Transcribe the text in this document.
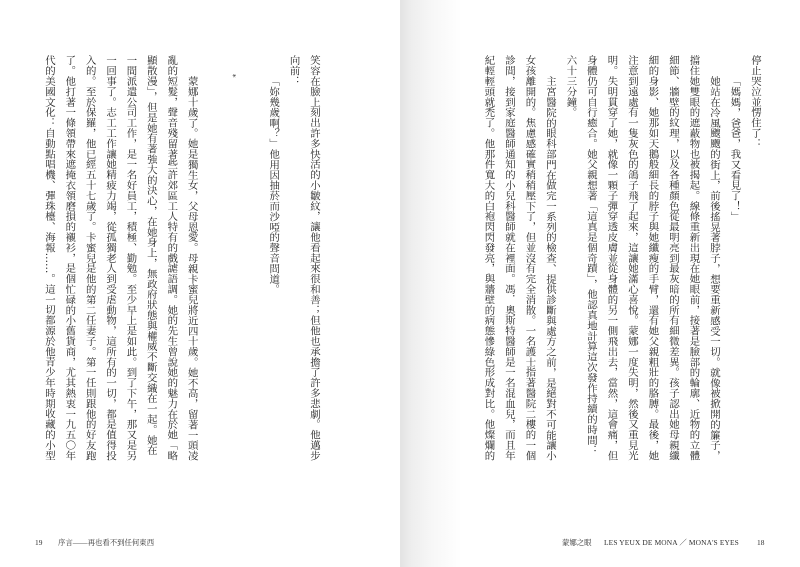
笑容在臉上刻出許多快活的小皺紋，讓他看起來很和善；但他也承擔了許多悲劇。他邁步
向前：
「妳幾歲啊？」他用因抽菸而沙啞的聲音問道。
*
蒙娜十歲了。她是獨生女，父母恩愛。母親卡蜜兒將近四十歲。她不高，留著一頭凌
亂的短髮，聲音殘留著些許郊區工人特有的戲謔語調。她的先生曾說她的魅力在於她「略
顯散漫」，但是她有著強大的決心，在她身上，無政府狀態與權威不斷交織在一起。她在
一間派遣公司工作，是一名好員工，積極、勤勉。至少早上是如此。到了下午，那又是另
一回事了。志工工作讓她精疲力竭，從孤獨老人到受虐動物，這所有的一切，都是值得投
入的。至於保羅，他已經五十七歲了。卡蜜兒是他的第二任妻子。第一任則跟他的好友跑
了。他打著一條領帶來遮掩衣領磨損的襯衫，是個忙碌的小舊貨商，尤其熱衷一九五〇年
代的美國文化：自動點唱機、彈珠檯、海報……。這一切都源於他青少年時期收藏的小型
19 序言——再也看不到任何東西
停止哭泣並愣住了：
「媽媽，爸爸，我又看見了！」
她站在冷風颼颼的街上，前後搖晃著脖子，想要重新感受一切。就像被掀開的簾子，
擋住她雙眼的遮蔽物也被揭起。線條重新出現在她眼前，接著是臉部的輪廓、近物的立體
細節、牆壁的紋理，以及各種顏色從最明亮到最灰暗的所有細微差異。孩子認出她母親纖
細的身影、她那如天鵝般細長的脖子與她纖瘦的手臂，還有她父親粗壯的胳膊。最後，她
注意到遠處有一隻灰色的鴿子飛了起來，這讓她滿心喜悅。蒙娜一度失明，然後又重見光
明。失明貫穿了她，就像一顆子彈穿透皮膚並從身體的另一側飛出去，當然，這會痛，但
身體仍可自行癒合。她父親想著「這真是個奇蹟」，他認真地計算這次發作持續的時間：
六十三分鐘。
主宮醫院的眼科部門在做完一系列的檢查、提供診斷與處方之前，是絕對不可能讓小
女孩離開的。焦慮感確實稍稍壓下了，但並沒有完全消散。一名護士指著醫院二樓的一個
診間，接到家庭醫師通知的小兒科醫師就在裡面。馮．奧斯特醫師是一名混血兒，而且年
紀輕輕頭就禿了。他那件寬大的白袍閃閃發亮，與牆壁的病態慘綠色形成對比。他燦爛的
蒙娜之眼 LES YEUX DE MONA ／ MONA'S EYES 18
